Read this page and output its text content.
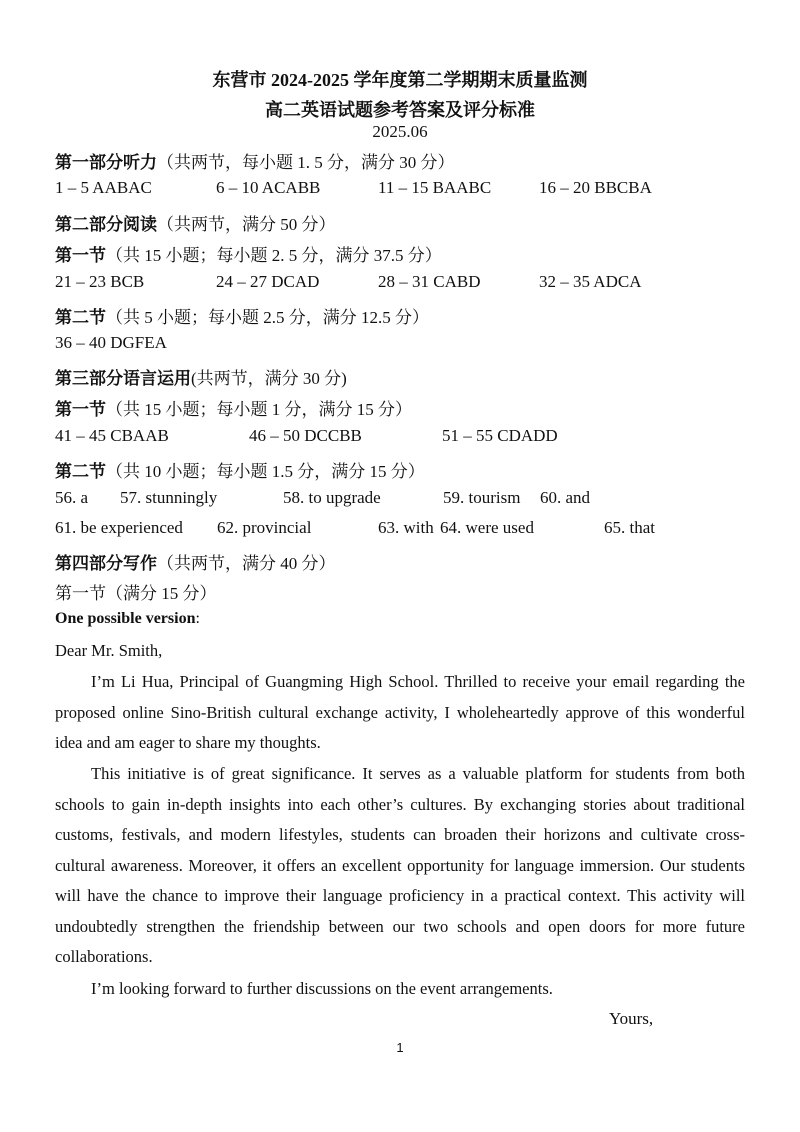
东营市 2024-2025 学年度第二学期期末质量监测
高二英语试题参考答案及评分标准
2025.06
第一部分听力（共两节，每小题 1. 5 分，满分 30 分）
1 – 5 AABAC	6 – 10 ACABB	11 – 15 BAABC	16 – 20 BBCBA
第二部分阅读（共两节，满分 50 分）
第一节（共 15 小题；每小题 2. 5 分，满分 37.5 分）
21 – 23 BCB	24 – 27 DCAD	28 – 31 CABD	32 – 35 ADCA
第二节（共 5 小题；每小题 2.5 分，满分 12.5 分）
36 – 40 DGFEA
第三部分语言运用(共两节，满分 30 分)
第一节（共 15 小题；每小题 1 分，满分 15 分）
41 – 45 CBAAB	46 – 50 DCCBB	51 – 55 CDADD
第二节（共 10 小题；每小题 1.5 分，满分 15 分）
56. a 57. stunningly	58. to upgrade	59. tourism 60. and
61. be experienced 62. provincial	63. with 64. were used	65. that
第四部分写作（共两节，满分 40 分）
第一节（满分 15 分）
One possible version:
Dear Mr. Smith,
I’m Li Hua, Principal of Guangming High School. Thrilled to receive your email regarding the proposed online Sino-British cultural exchange activity, I wholeheartedly approve of this wonderful idea and am eager to share my thoughts.
This initiative is of great significance. It serves as a valuable platform for students from both schools to gain in-depth insights into each other’s cultures. By exchanging stories about traditional customs, festivals, and modern lifestyles, students can broaden their horizons and cultivate cross-cultural awareness. Moreover, it offers an excellent opportunity for language immersion. Our students will have the chance to improve their language proficiency in a practical context. This activity will undoubtedly strengthen the friendship between our two schools and open doors for more future collaborations.
I’m looking forward to further discussions on the event arrangements.
Yours,
1
